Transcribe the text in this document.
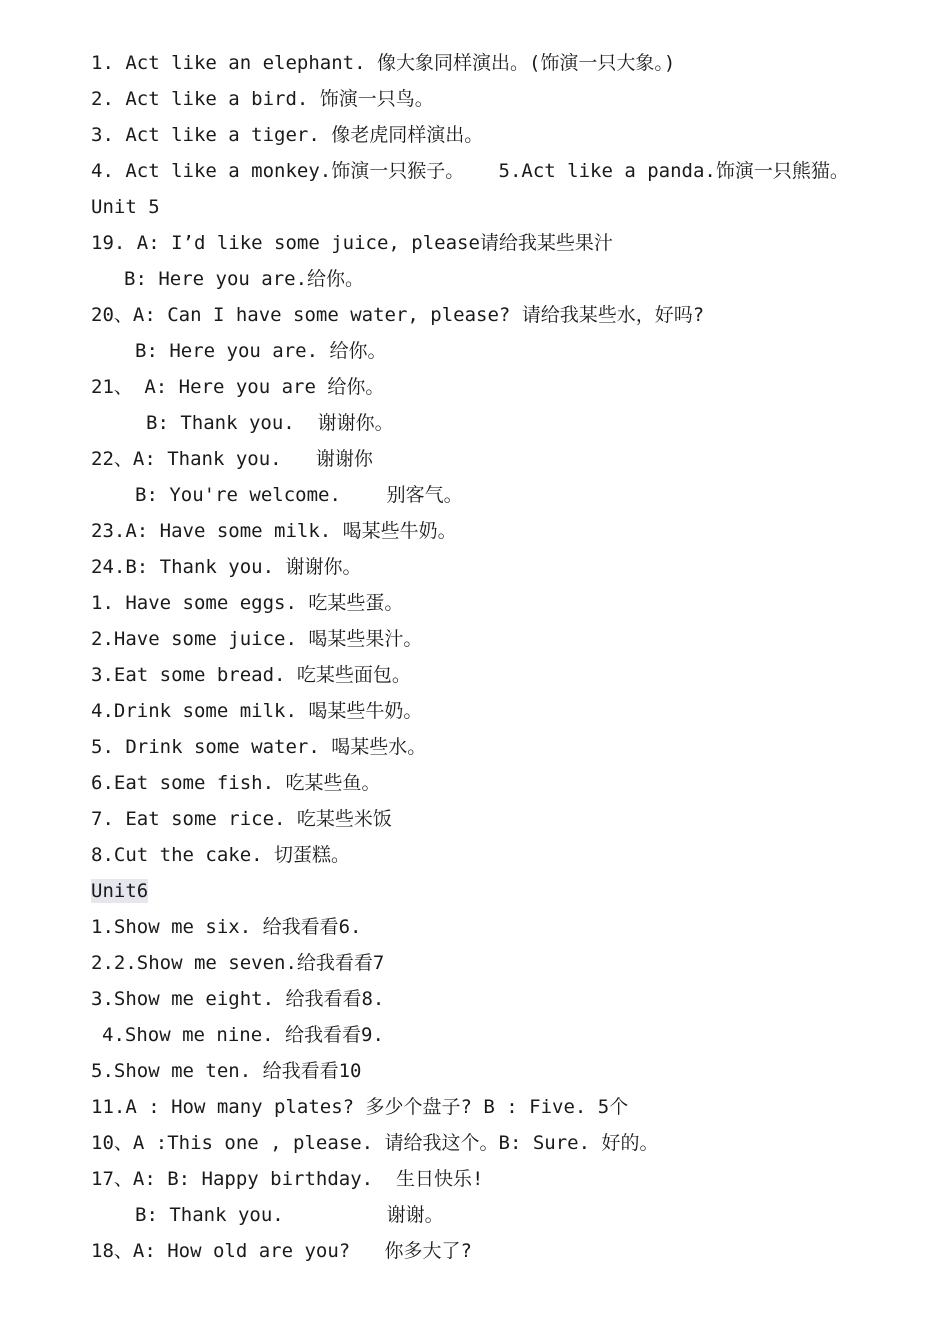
1. Act like an elephant. 像大象同样演出。(饰演一只大象。)
2. Act like a bird. 饰演一只鸟。
3. Act like a tiger. 像老虎同样演出。
4. Act like a monkey.饰演一只猴子。   5.Act like a panda.饰演一只熊猫。
Unit 5
19. A: I’d like some juice, please请给我某些果汁
B: Here you are.给你。
20、A: Can I have some water, please? 请给我某些水，好吗?
B: Here you are. 给你。
21、 A: Here you are 给你。
B: Thank you.  谢谢你。
22、A: Thank you.   谢谢你
B: You're welcome.    别客气。
23.A: Have some milk. 喝某些牛奶。
24.B: Thank you. 谢谢你。
1. Have some eggs. 吃某些蛋。
2.Have some juice. 喝某些果汁。
3.Eat some bread. 吃某些面包。
4.Drink some milk. 喝某些牛奶。
5. Drink some water. 喝某些水。
6.Eat some fish. 吃某些鱼。
7. Eat some rice. 吃某些米饭
8.Cut the cake. 切蛋糕。
Unit6
1.Show me six. 给我看看6.
2.2.Show me seven.给我看看7
3.Show me eight. 给我看看8.
4.Show me nine. 给我看看9.
5.Show me ten. 给我看看10
11.A : How many plates? 多少个盘子? B : Five. 5个
10、A :This one , please. 请给我这个。B: Sure. 好的。
17、A: B: Happy birthday.  生日快乐!
B: Thank you.         谢谢。
18、A: How old are you?   你多大了?
